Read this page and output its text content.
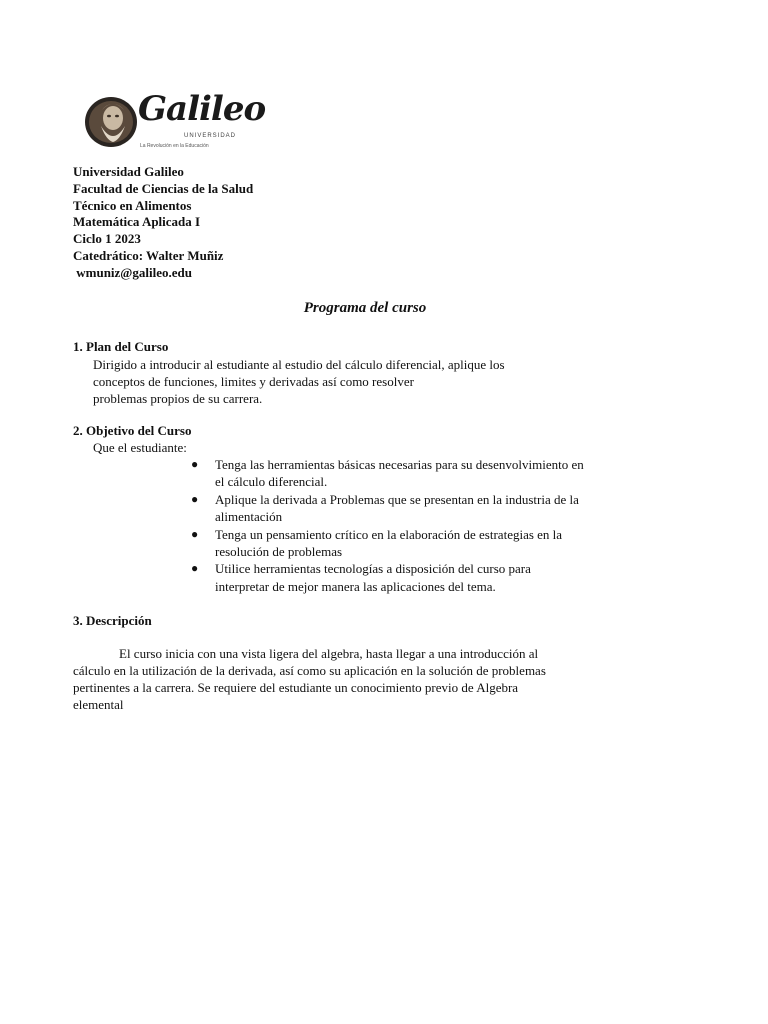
Galileo
UNIVERSIDAD
La Revolución en la Educación
Universidad Galileo
Facultad de Ciencias de la Salud
Técnico en Alimentos
Matemática Aplicada I
Ciclo 1 2023
Catedrático: Walter Muñiz
wmuniz@galileo.edu
Programa del curso
1. Plan del Curso
Dirigido a introducir al estudiante al estudio del cálculo diferencial, aplique los
conceptos de funciones, limites y derivadas así como resolver
problemas propios de su carrera.
2. Objetivo del Curso
Que el estudiante:
● Tenga las herramientas básicas necesarias para su desenvolvimiento en
el cálculo diferencial.
● Aplique la derivada a Problemas que se presentan en la industria de la
alimentación
● Tenga un pensamiento crítico en la elaboración de estrategias en la
resolución de problemas
● Utilice herramientas tecnologías a disposición del curso para
interpretar de mejor manera las aplicaciones del tema.
3. Descripción
El curso inicia con una vista ligera del algebra, hasta llegar a una introducción al
cálculo en la utilización de la derivada, así como su aplicación en la solución de problemas
pertinentes a la carrera. Se requiere del estudiante un conocimiento previo de Algebra
elemental
